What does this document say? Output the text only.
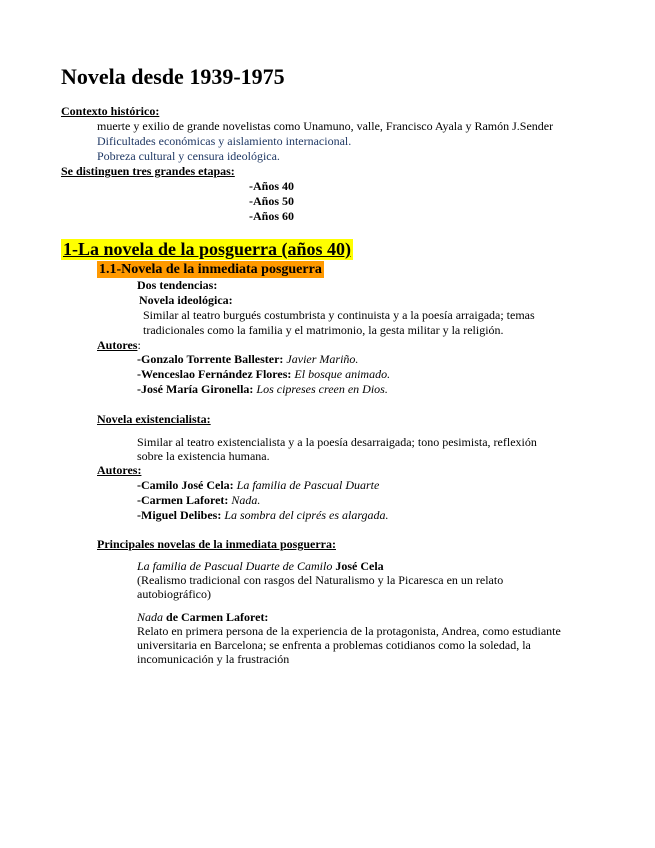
Novela desde 1939-1975
Contexto histórico:
muerte y exilio de grande novelistas como Unamuno, valle, Francisco Ayala y Ramón J.Sender
Dificultades económicas y aislamiento internacional.
Pobreza cultural y censura ideológica.
Se distinguen tres grandes etapas:
-Años 40
-Años 50
-Años 60
1-La novela de la posguerra (años 40)
1.1-Novela de la inmediata posguerra
Dos tendencias:
Novela ideológica:
Similar al teatro burgués costumbrista y continuista y a la poesía arraigada; temas
tradicionales como la familia y el matrimonio, la gesta militar y la religión.
Autores:
-Gonzalo Torrente Ballester: Javier Mariño.
-Wenceslao Fernández Flores: El bosque animado.
-José María Gironella: Los cipreses creen en Dios.
Novela existencialista:
Similar al teatro existencialista y a la poesía desarraigada; tono pesimista, reflexión
sobre la existencia humana.
Autores:
-Camilo José Cela: La familia de Pascual Duarte
-Carmen Laforet: Nada.
-Miguel Delibes: La sombra del ciprés es alargada.
Principales novelas de la inmediata posguerra:
La familia de Pascual Duarte de Camilo José Cela
(Realismo tradicional con rasgos del Naturalismo y la Picaresca en un relato
autobiográfico)
Nada de Carmen Laforet:
Relato en primera persona de la experiencia de la protagonista, Andrea, como estudiante
universitaria en Barcelona; se enfrenta a problemas cotidianos como la soledad, la
incomunicación y la frustración
